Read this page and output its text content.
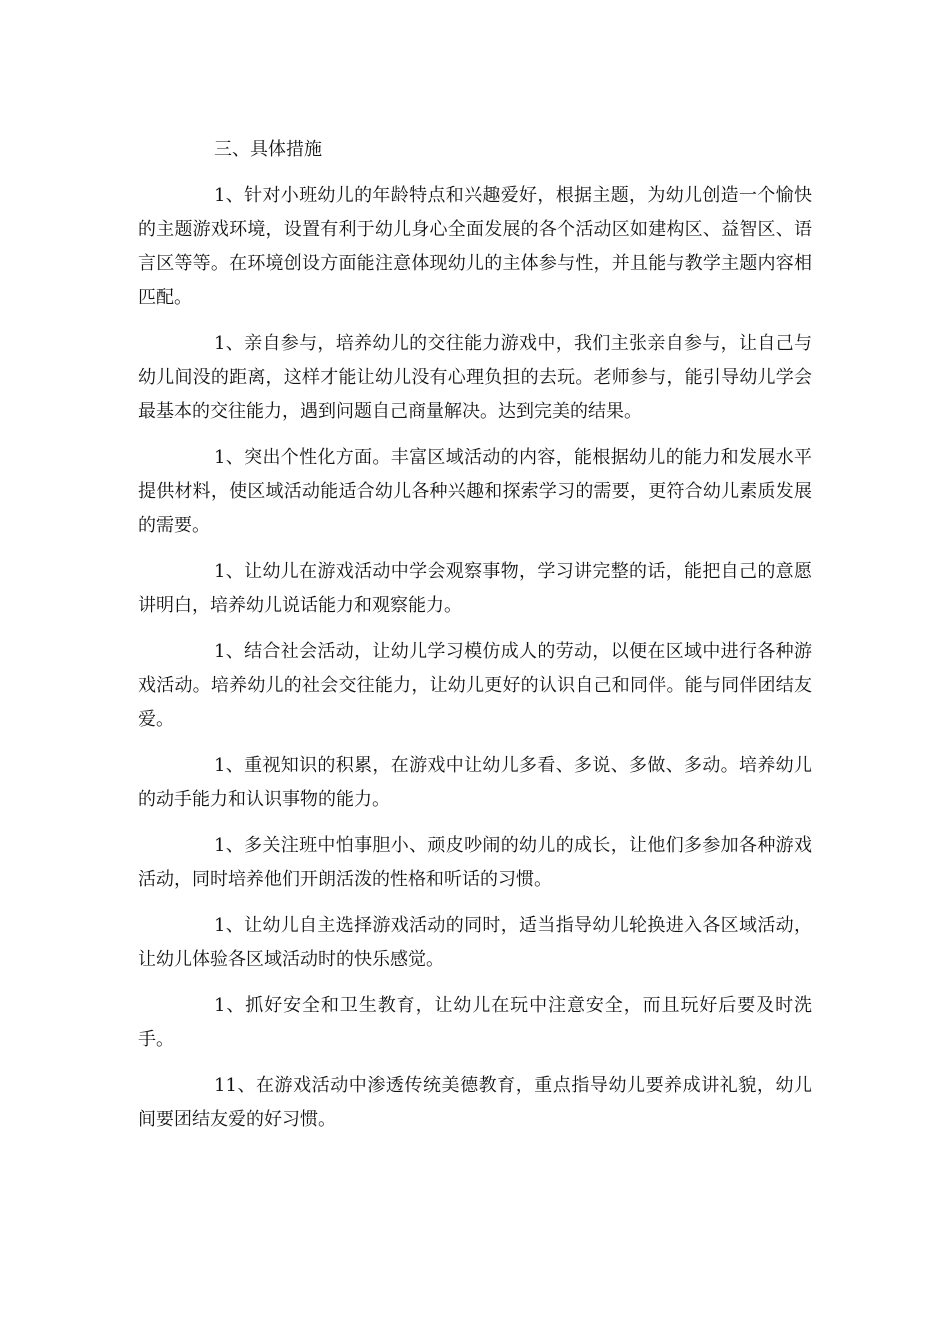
三、具体措施

1、针对小班幼儿的年龄特点和兴趣爱好，根据主题，为幼儿创造一个愉快的主题游戏环境，设置有利于幼儿身心全面发展的各个活动区如建构区、益智区、语言区等等。在环境创设方面能注意体现幼儿的主体参与性，并且能与教学主题内容相匹配。

1、亲自参与，培养幼儿的交往能力游戏中，我们主张亲自参与，让自己与幼儿间没的距离，这样才能让幼儿没有心理负担的去玩。老师参与，能引导幼儿学会最基本的交往能力，遇到问题自己商量解决。达到完美的结果。

1、突出个性化方面。丰富区域活动的内容，能根据幼儿的能力和发展水平提供材料，使区域活动能适合幼儿各种兴趣和探索学习的需要，更符合幼儿素质发展的需要。

1、让幼儿在游戏活动中学会观察事物，学习讲完整的话，能把自己的意愿讲明白，培养幼儿说话能力和观察能力。

1、结合社会活动，让幼儿学习模仿成人的劳动，以便在区域中进行各种游戏活动。培养幼儿的社会交往能力，让幼儿更好的认识自己和同伴。能与同伴团结友爱。

1、重视知识的积累，在游戏中让幼儿多看、多说、多做、多动。培养幼儿的动手能力和认识事物的能力。

1、多关注班中怕事胆小、顽皮吵闹的幼儿的成长，让他们多参加各种游戏活动，同时培养他们开朗活泼的性格和听话的习惯。

1、让幼儿自主选择游戏活动的同时，适当指导幼儿轮换进入各区域活动，让幼儿体验各区域活动时的快乐感觉。

1、抓好安全和卫生教育，让幼儿在玩中注意安全，而且玩好后要及时洗手。

11、在游戏活动中渗透传统美德教育，重点指导幼儿要养成讲礼貌，幼儿间要团结友爱的好习惯。
